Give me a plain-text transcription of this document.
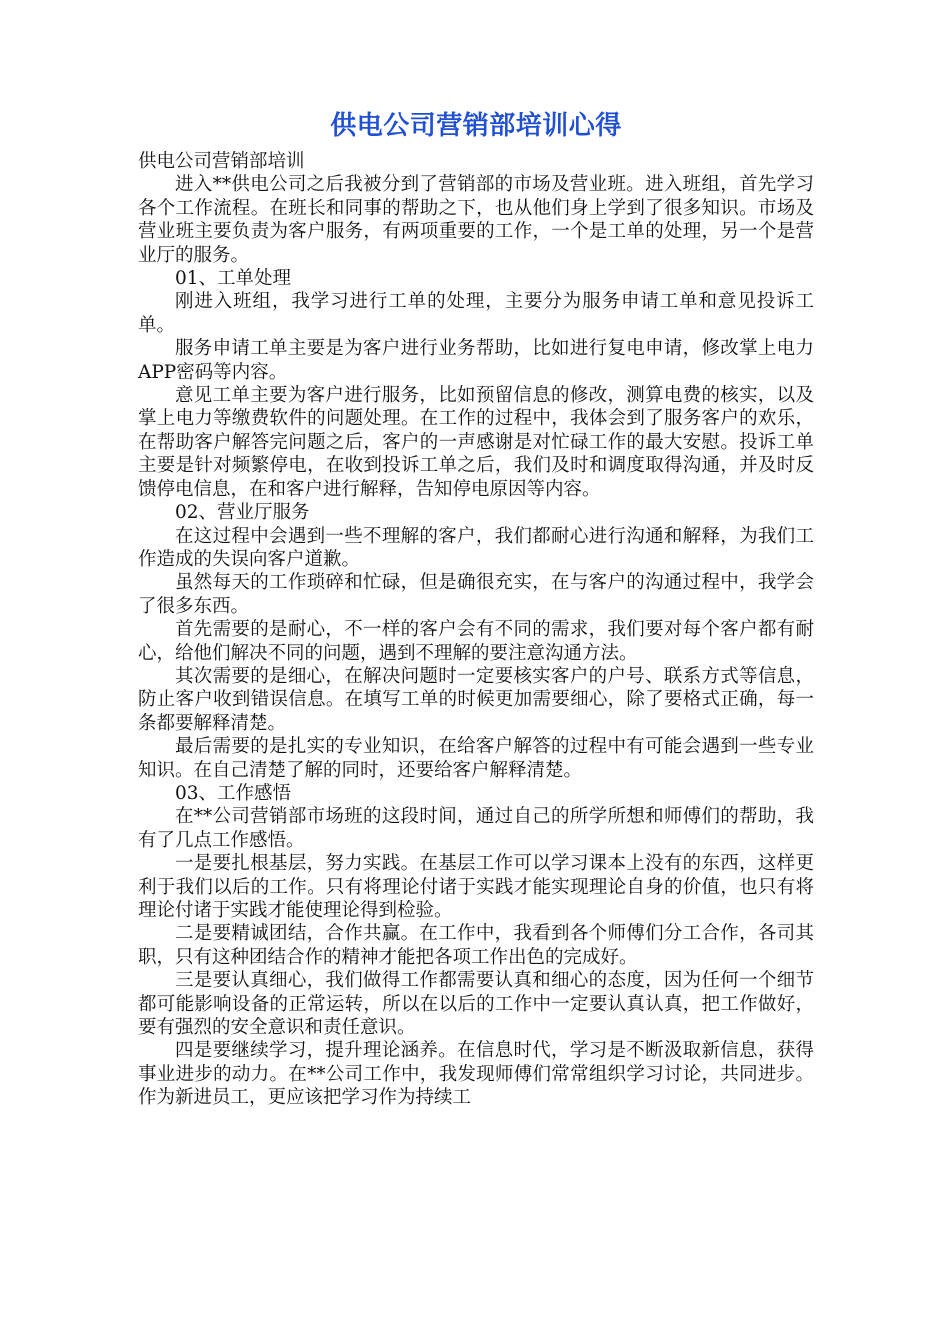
供电公司营销部培训心得

供电公司营销部培训

进入**供电公司之后我被分到了营销部的市场及营业班。进入班组，首先学习各个工作流程。在班长和同事的帮助之下，也从他们身上学到了很多知识。市场及营业班主要负责为客户服务，有两项重要的工作，一个是工单的处理，另一个是营业厅的服务。

01、工单处理

刚进入班组，我学习进行工单的处理，主要分为服务申请工单和意见投诉工单。

服务申请工单主要是为客户进行业务帮助，比如进行复电申请，修改掌上电力APP密码等内容。

意见工单主要为客户进行服务，比如预留信息的修改，测算电费的核实，以及掌上电力等缴费软件的问题处理。在工作的过程中，我体会到了服务客户的欢乐，在帮助客户解答完问题之后，客户的一声感谢是对忙碌工作的最大安慰。投诉工单主要是针对频繁停电，在收到投诉工单之后，我们及时和调度取得沟通，并及时反馈停电信息，在和客户进行解释，告知停电原因等内容。

02、营业厅服务

在这过程中会遇到一些不理解的客户，我们都耐心进行沟通和解释，为我们工作造成的失误向客户道歉。

虽然每天的工作琐碎和忙碌，但是确很充实，在与客户的沟通过程中，我学会了很多东西。

首先需要的是耐心，不一样的客户会有不同的需求，我们要对每个客户都有耐心，给他们解决不同的问题，遇到不理解的要注意沟通方法。

其次需要的是细心，在解决问题时一定要核实客户的户号、联系方式等信息，防止客户收到错误信息。在填写工单的时候更加需要细心，除了要格式正确，每一条都要解释清楚。

最后需要的是扎实的专业知识，在给客户解答的过程中有可能会遇到一些专业知识。在自己清楚了解的同时，还要给客户解释清楚。

03、工作感悟

在**公司营销部市场班的这段时间，通过自己的所学所想和师傅们的帮助，我有了几点工作感悟。

一是要扎根基层，努力实践。在基层工作可以学习课本上没有的东西，这样更利于我们以后的工作。只有将理论付诸于实践才能实现理论自身的价值，也只有将理论付诸于实践才能使理论得到检验。

二是要精诚团结，合作共赢。在工作中，我看到各个师傅们分工合作，各司其职，只有这种团结合作的精神才能把各项工作出色的完成好。

三是要认真细心，我们做得工作都需要认真和细心的态度，因为任何一个细节都可能影响设备的正常运转，所以在以后的工作中一定要认真认真，把工作做好，要有强烈的安全意识和责任意识。

四是要继续学习，提升理论涵养。在信息时代，学习是不断汲取新信息，获得事业进步的动力。在**公司工作中，我发现师傅们常常组织学习讨论，共同进步。作为新进员工，更应该把学习作为持续工
